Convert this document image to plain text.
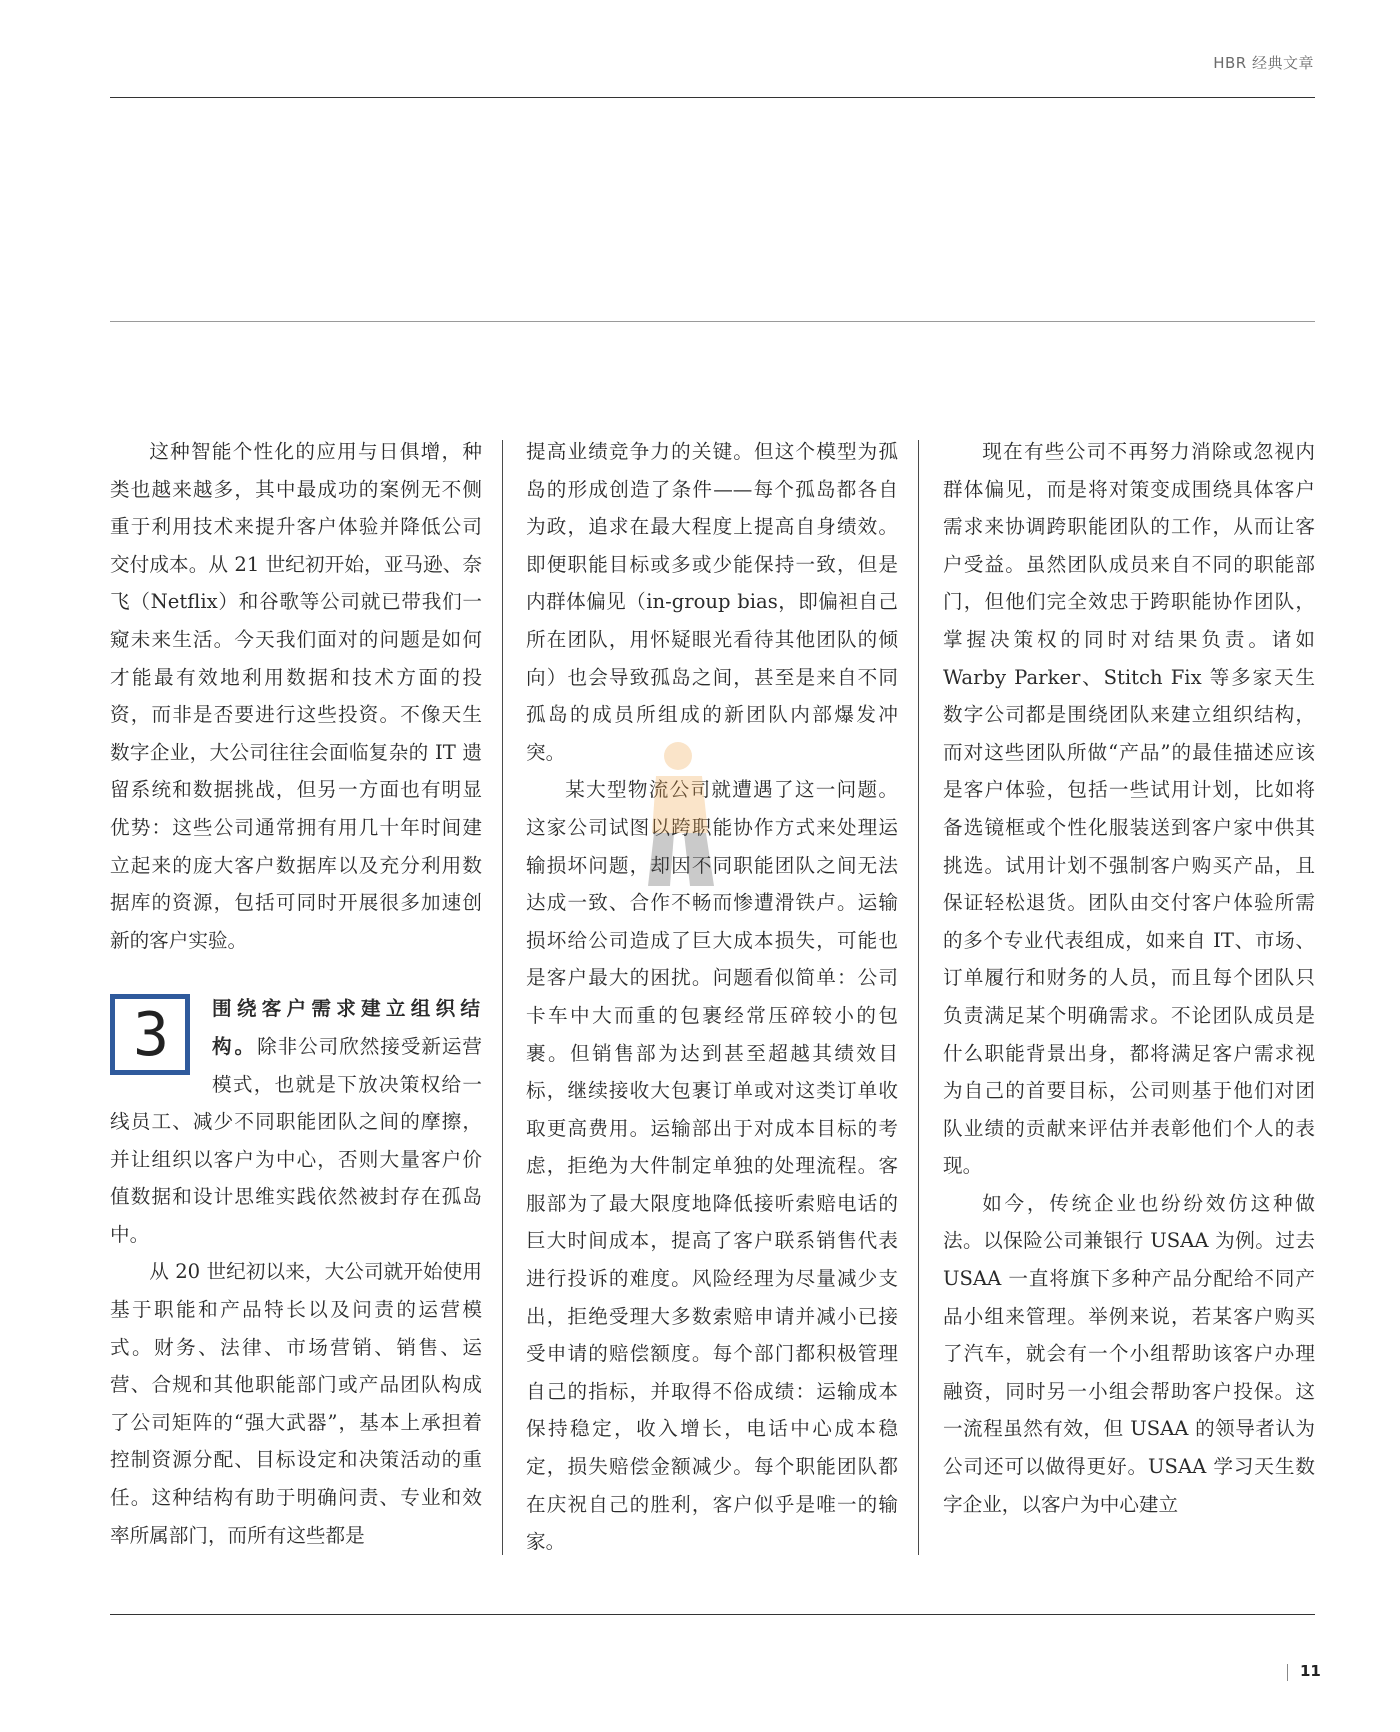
HBR 经典文章

这种智能个性化的应用与日俱增，种类也越来越多，其中最成功的案例无不侧重于利用技术来提升客户体验并降低公司交付成本。从 21 世纪初开始，亚马逊、奈飞（Netflix）和谷歌等公司就已带我们一窥未来生活。今天我们面对的问题是如何才能最有效地利用数据和技术方面的投资，而非是否要进行这些投资。不像天生数字企业，大公司往往会面临复杂的 IT 遗留系统和数据挑战，但另一方面也有明显优势：这些公司通常拥有用几十年时间建立起来的庞大客户数据库以及充分利用数据库的资源，包括可同时开展很多加速创新的客户实验。

3	围绕客户需求建立组织结构。除非公司欣然接受新运营模式，也就是下放决策权给一线员工、减少不同职能团队之间的摩擦，并让组织以客户为中心，否则大量客户价值数据和设计思维实践依然被封存在孤岛中。

从 20 世纪初以来，大公司就开始使用基于职能和产品特长以及问责的运营模式。财务、法律、市场营销、销售、运营、合规和其他职能部门或产品团队构成了公司矩阵的“强大武器”，基本上承担着控制资源分配、目标设定和决策活动的重任。这种结构有助于明确问责、专业和效率所属部门，而所有这些都是

提高业绩竞争力的关键。但这个模型为孤岛的形成创造了条件——每个孤岛都各自为政，追求在最大程度上提高自身绩效。即便职能目标或多或少能保持一致，但是内群体偏见（in-group bias，即偏袒自己所在团队，用怀疑眼光看待其他团队的倾向）也会导致孤岛之间，甚至是来自不同孤岛的成员所组成的新团队内部爆发冲突。

某大型物流公司就遭遇了这一问题。这家公司试图以跨职能协作方式来处理运输损坏问题，却因不同职能团队之间无法达成一致、合作不畅而惨遭滑铁卢。运输损坏给公司造成了巨大成本损失，可能也是客户最大的困扰。问题看似简单：公司卡车中大而重的包裹经常压碎较小的包裹。但销售部为达到甚至超越其绩效目标，继续接收大包裹订单或对这类订单收取更高费用。运输部出于对成本目标的考虑，拒绝为大件制定单独的处理流程。客服部为了最大限度地降低接听索赔电话的巨大时间成本，提高了客户联系销售代表进行投诉的难度。风险经理为尽量减少支出，拒绝受理大多数索赔申请并减小已接受申请的赔偿额度。每个部门都积极管理自己的指标，并取得不俗成绩：运输成本保持稳定，收入增长，电话中心成本稳定，损失赔偿金额减少。每个职能团队都在庆祝自己的胜利，客户似乎是唯一的输家。

现在有些公司不再努力消除或忽视内群体偏见，而是将对策变成围绕具体客户需求来协调跨职能团队的工作，从而让客户受益。虽然团队成员来自不同的职能部门，但他们完全效忠于跨职能协作团队，掌握决策权的同时对结果负责。诸如 Warby Parker、Stitch Fix 等多家天生数字公司都是围绕团队来建立组织结构，而对这些团队所做“产品”的最佳描述应该是客户体验，包括一些试用计划，比如将备选镜框或个性化服装送到客户家中供其挑选。试用计划不强制客户购买产品，且保证轻松退货。团队由交付客户体验所需的多个专业代表组成，如来自 IT、市场、订单履行和财务的人员，而且每个团队只负责满足某个明确需求。不论团队成员是什么职能背景出身，都将满足客户需求视为自己的首要目标，公司则基于他们对团队业绩的贡献来评估并表彰他们个人的表现。

如今，传统企业也纷纷效仿这种做法。以保险公司兼银行 USAA 为例。过去 USAA 一直将旗下多种产品分配给不同产品小组来管理。举例来说，若某客户购买了汽车，就会有一个小组帮助该客户办理融资，同时另一小组会帮助客户投保。这一流程虽然有效，但 USAA 的领导者认为公司还可以做得更好。USAA 学习天生数字企业，以客户为中心建立

11
